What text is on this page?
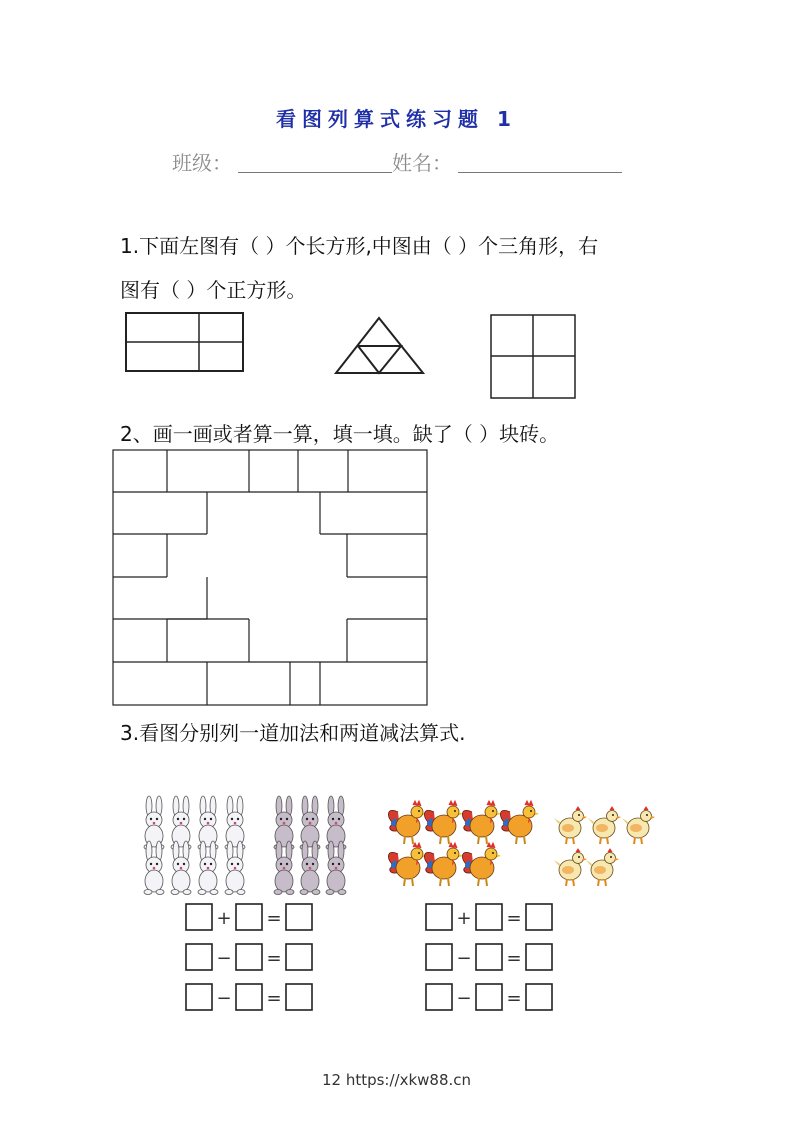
看图列算式练习题 1
班级：	姓名：
1.下面左图有（ ）个长方形,中图由（ ）个三角形，右
图有（ ）个正方形。
2、画一画或者算一算，填一填。缺了（ ）块砖。
3.看图分别列一道加法和两道减法算式.
+ =
− =
− =
+ =
− =
− =
12 https://xkw88.cn
